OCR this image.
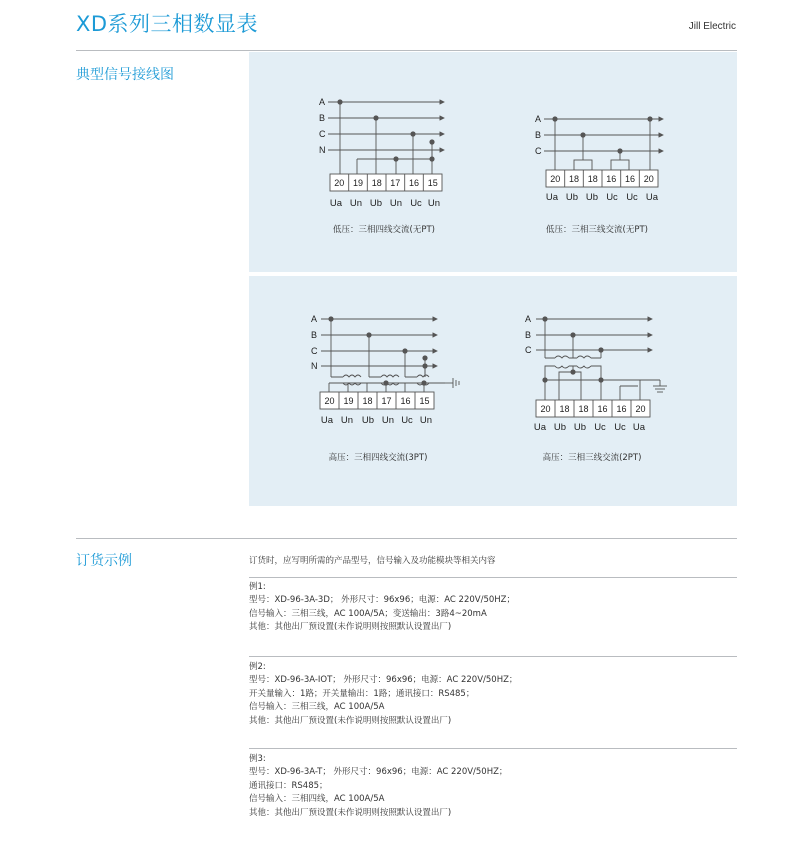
XD系列三相数显表	Jill Electric
典型信号接线图
A
B
C
N
20 19 18 17 16 15
Ua Un Ub Un Uc Un
低压：三相四线交流(无PT)
A
B
C
20 18 18 16 16 20
Ua Ub Ub Uc Uc Ua
低压：三相三线交流(无PT)
A
B
C
N
20 19 18 17 16 15
Ua Un Ub Un Uc Un
高压：三相四线交流(3PT)
A
B
C
20 18 18 16 16 20
Ua Ub Ub Uc Uc Ua
高压：三相三线交流(2PT)
订货示例	订货时，应写明所需的产品型号，信号输入及功能模块等相关内容
例1:
型号：XD-96-3A-3D； 外形尺寸：96x96；电源：AC 220V/50HZ；
信号输入：三相三线，AC 100A/5A；变送输出：3路4~20mA
其他：其他出厂预设置(未作说明则按照默认设置出厂)
例2:
型号：XD-96-3A-IOT； 外形尺寸：96x96；电源：AC 220V/50HZ；
开关量输入：1路；开关量输出：1路；通讯接口：RS485；
信号输入：三相三线，AC 100A/5A
其他：其他出厂预设置(未作说明则按照默认设置出厂)
例3:
型号：XD-96-3A-T； 外形尺寸：96x96；电源：AC 220V/50HZ；
通讯接口：RS485；
信号输入：三相四线，AC 100A/5A
其他：其他出厂预设置(未作说明则按照默认设置出厂)
